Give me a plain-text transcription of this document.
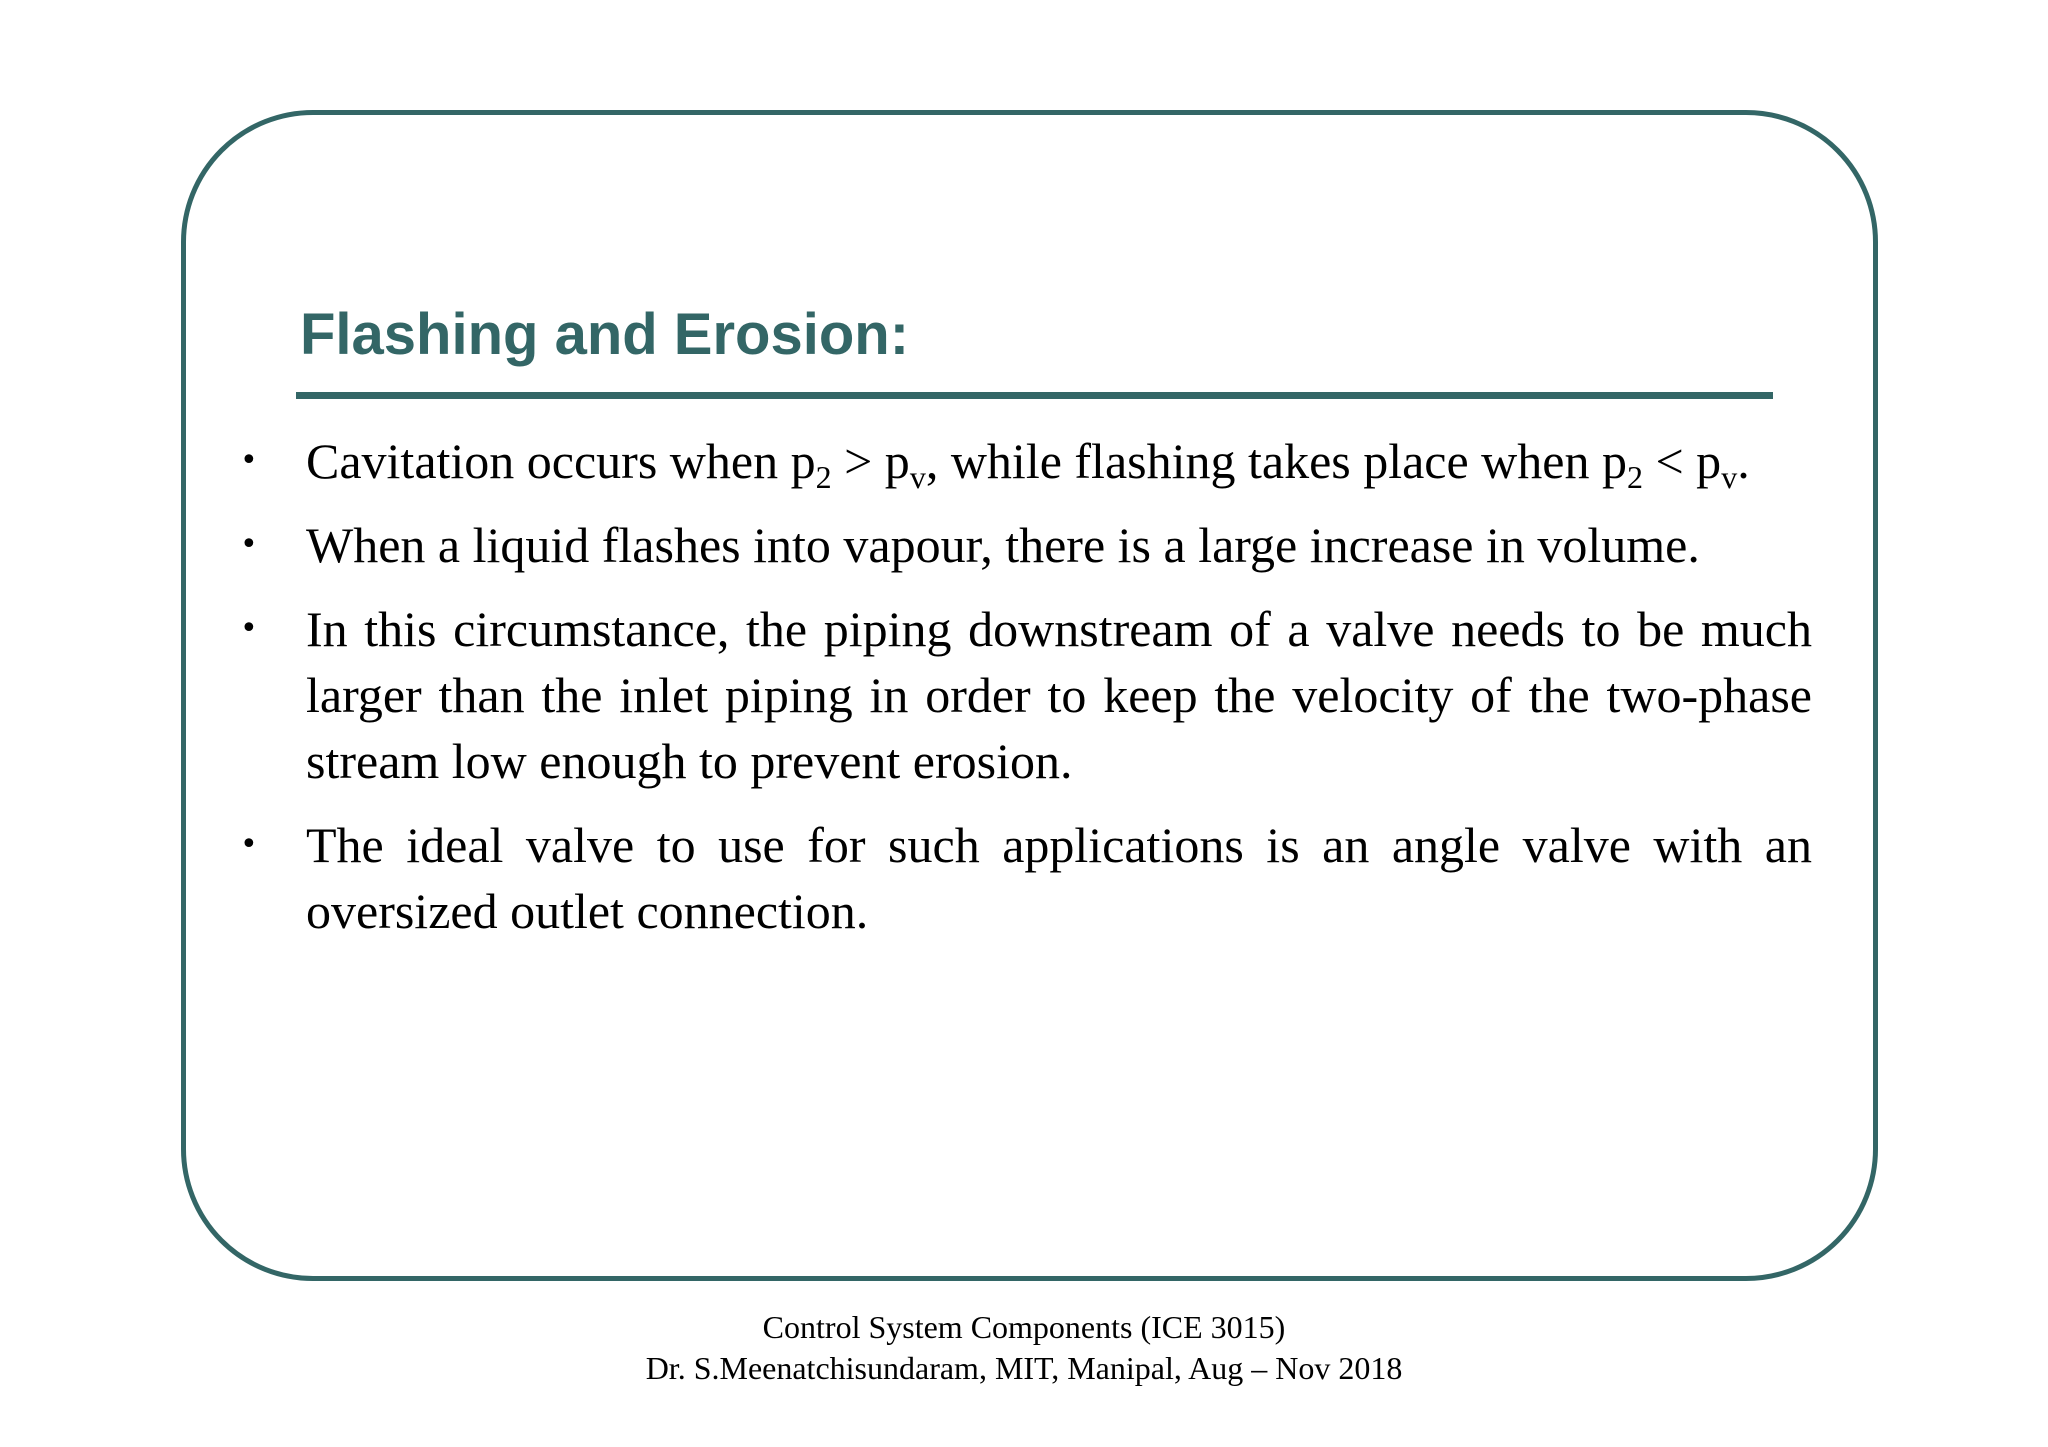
Flashing and Erosion:
• Cavitation occurs when $p_2 > p_v$, while flashing takes place when $p_2 < p_v$.
• When a liquid flashes into vapour, there is a large increase in volume.
• In this circumstance, the piping downstream of a valve needs to be much larger than the inlet piping in order to keep the velocity of the two-phase stream low enough to prevent erosion.
• The ideal valve to use for such applications is an angle valve with an oversized outlet connection.
Control System Components (ICE 3015)
Dr. S.Meenatchisundaram, MIT, Manipal, Aug – Nov 2018
